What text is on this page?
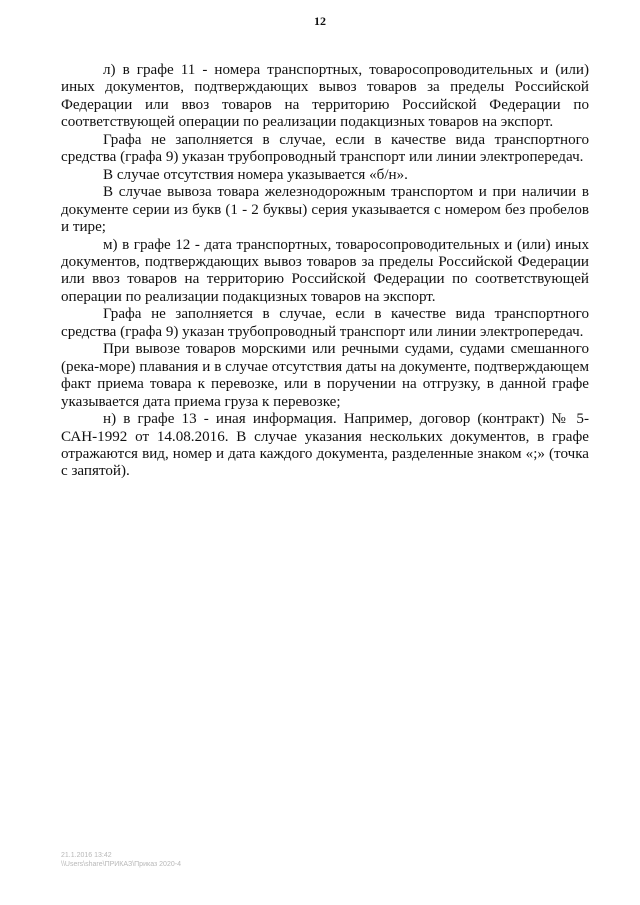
12

л) в графе 11 - номера транспортных, товаросопроводительных и (или) иных документов, подтверждающих вывоз товаров за пределы Российской Федерации или ввоз товаров на территорию Российской Федерации по соответствующей операции по реализации подакцизных товаров на экспорт.

Графа не заполняется в случае, если в качестве вида транспортного средства (графа 9) указан трубопроводный транспорт или линии электропередач.

В случае отсутствия номера указывается «б/н».

В случае вывоза товара железнодорожным транспортом и при наличии в документе серии из букв (1 - 2 буквы) серия указывается с номером без пробелов и тире;

м) в графе 12 - дата транспортных, товаросопроводительных и (или) иных документов, подтверждающих вывоз товаров за пределы Российской Федерации или ввоз товаров на территорию Российской Федерации по соответствующей операции по реализации подакцизных товаров на экспорт.

Графа не заполняется в случае, если в качестве вида транспортного средства (графа 9) указан трубопроводный транспорт или линии электропередач.

При вывозе товаров морскими или речными судами, судами смешанного (река-море) плавания и в случае отсутствия даты на документе, подтверждающем факт приема товара к перевозке, или в поручении на отгрузку, в данной графе указывается дата приема груза к перевозке;

н) в графе 13 - иная информация. Например, договор (контракт) № 5-САН-1992 от 14.08.2016. В случае указания нескольких документов, в графе отражаются вид, номер и дата каждого документа, разделенные знаком «;» (точка с запятой).

21.1.2016 13:42
\\Users\share\ПРИКАЗ\Приказ 2020-4
